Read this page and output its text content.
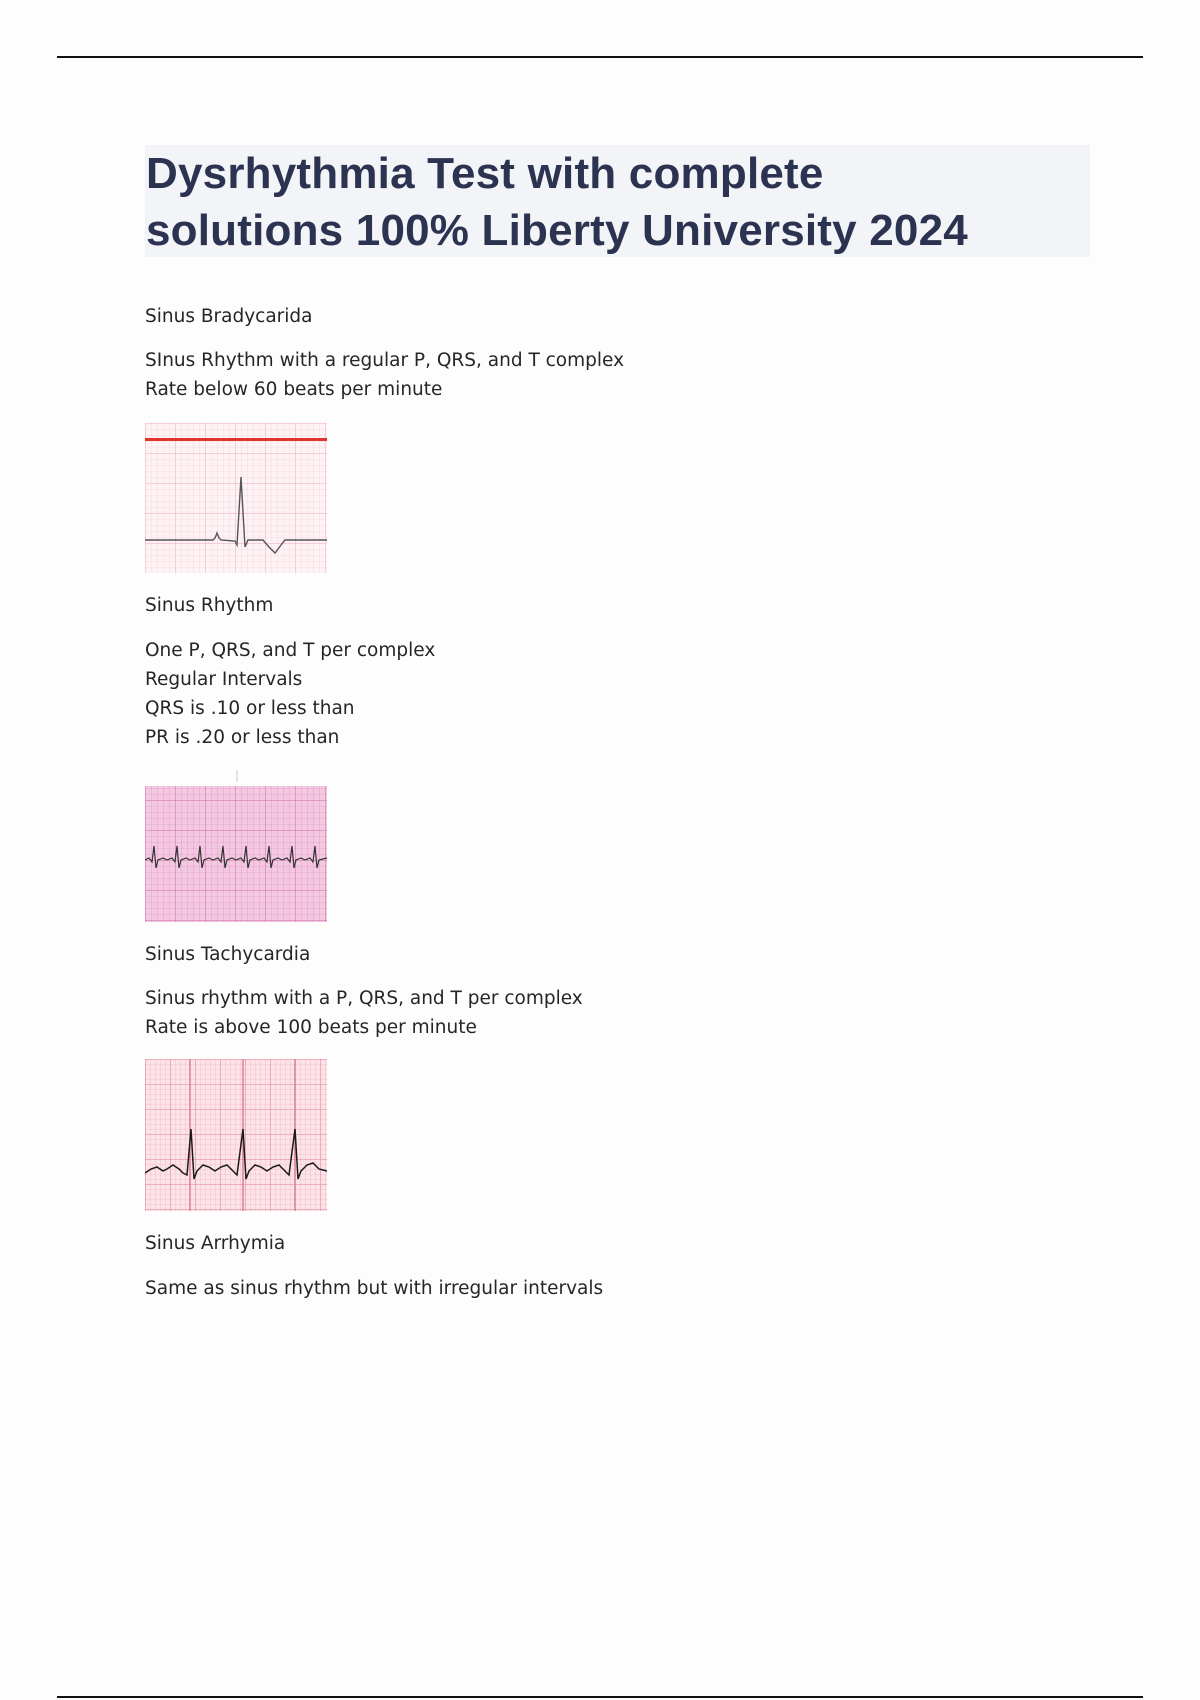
Dysrhythmia Test with complete
solutions 100% Liberty University 2024

Sinus Bradycarida

SInus Rhythm with a regular P, QRS, and T complex
Rate below 60 beats per minute

Sinus Rhythm

One P, QRS, and T per complex
Regular Intervals
QRS is .10 or less than
PR is .20 or less than

Sinus Tachycardia

Sinus rhythm with a P, QRS, and T per complex
Rate is above 100 beats per minute

Sinus Arrhymia

Same as sinus rhythm but with irregular intervals
